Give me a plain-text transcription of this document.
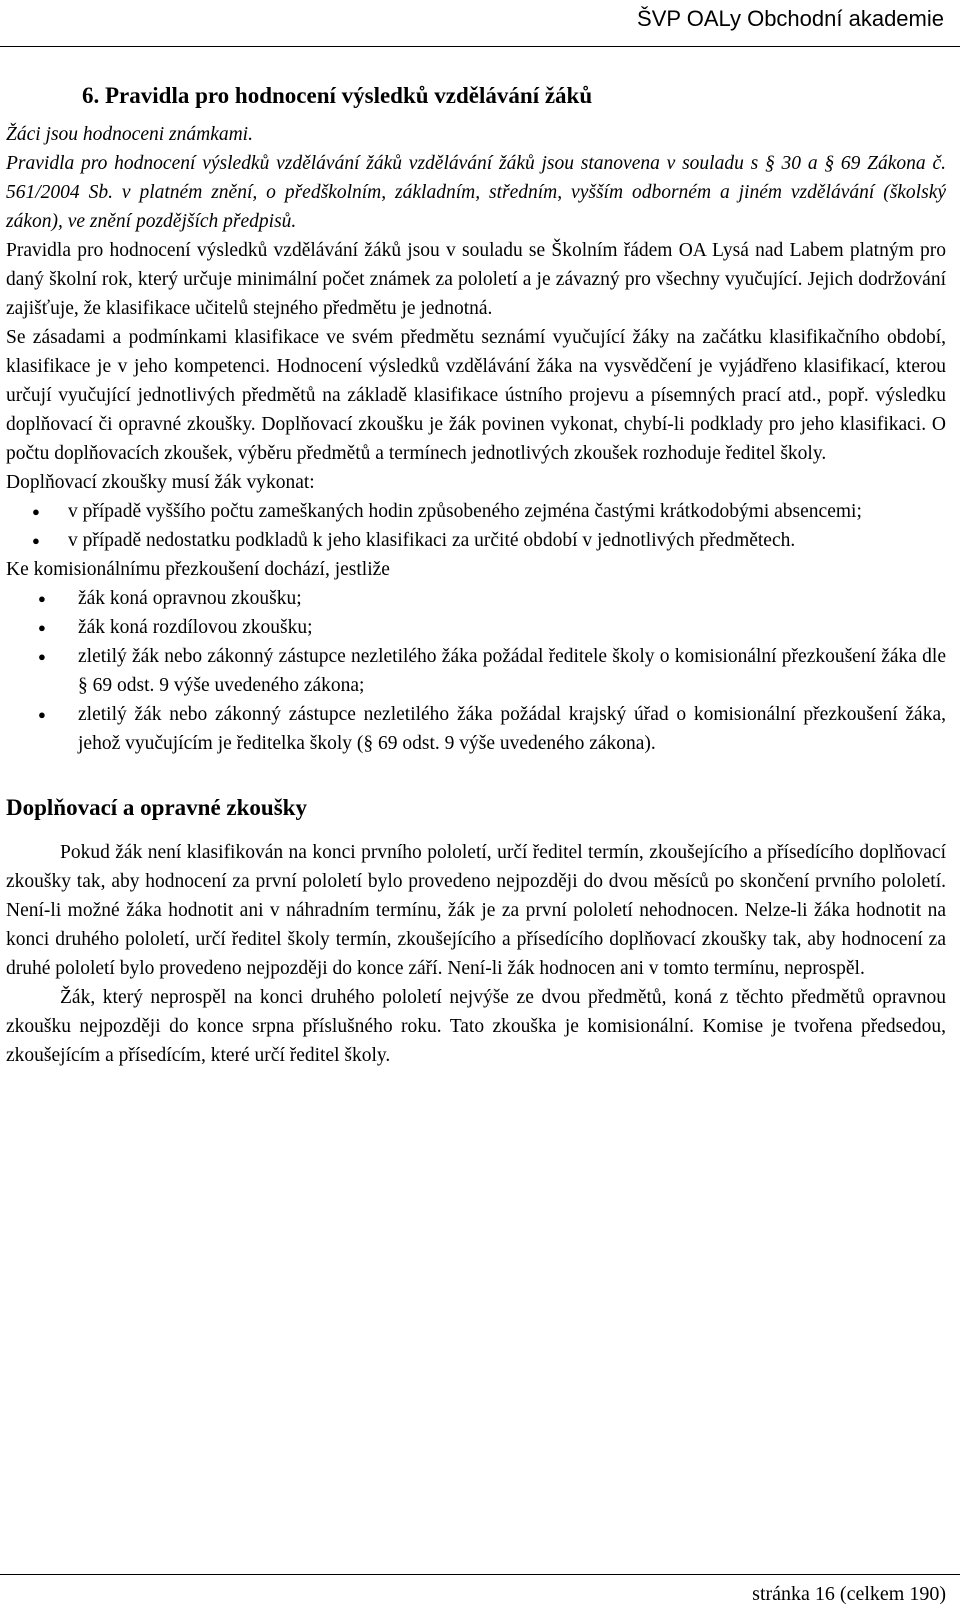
ŠVP OALy Obchodní akademie
6. Pravidla pro hodnocení výsledků vzdělávání žáků

Žáci jsou hodnoceni známkami.

Pravidla pro hodnocení výsledků vzdělávání žáků vzdělávání žáků jsou stanovena v souladu s § 30 a § 69 Zákona č. 561/2004 Sb. v platném znění, o předškolním, základním, středním, vyšším odborném a jiném vzdělávání (školský zákon), ve znění pozdějších předpisů.

Pravidla pro hodnocení výsledků vzdělávání žáků jsou v souladu se Školním řádem OA Lysá nad Labem platným pro daný školní rok, který určuje minimální počet známek za pololetí a je závazný pro všechny vyučující. Jejich dodržování zajišťuje, že klasifikace učitelů stejného předmětu je jednotná.

Se zásadami a podmínkami klasifikace ve svém předmětu seznámí vyučující žáky na začátku klasifikačního období, klasifikace je v jeho kompetenci. Hodnocení výsledků vzdělávání žáka na vysvědčení je vyjádřeno klasifikací, kterou určují vyučující jednotlivých předmětů na základě klasifikace ústního projevu a písemných prací atd., popř. výsledku doplňovací či opravné zkoušky. Doplňovací zkoušku je žák povinen vykonat, chybí-li podklady pro jeho klasifikaci. O počtu doplňovacích zkoušek, výběru předmětů a termínech jednotlivých zkoušek rozhoduje ředitel školy.

Doplňovací zkoušky musí žák vykonat:

● v případě vyššího počtu zameškaných hodin způsobeného zejména častými krátkodobými absencemi;
● v případě nedostatku podkladů k jeho klasifikaci za určité období v jednotlivých předmětech.

Ke komisionálnímu přezkoušení dochází, jestliže

● žák koná opravnou zkoušku;
● žák koná rozdílovou zkoušku;
● zletilý žák nebo zákonný zástupce nezletilého žáka požádal ředitele školy o komisionální přezkoušení žáka dle § 69 odst. 9 výše uvedeného zákona;
● zletilý žák nebo zákonný zástupce nezletilého žáka požádal krajský úřad o komisionální přezkoušení žáka, jehož vyučujícím je ředitelka školy (§ 69 odst. 9 výše uvedeného zákona).
Doplňovací a opravné zkoušky

Pokud žák není klasifikován na konci prvního pololetí, určí ředitel termín, zkoušejícího a přísedícího doplňovací zkoušky tak, aby hodnocení za první pololetí bylo provedeno nejpozději do dvou měsíců po skončení prvního pololetí. Není-li možné žáka hodnotit ani v náhradním termínu, žák je za první pololetí nehodnocen. Nelze-li žáka hodnotit na konci druhého pololetí, určí ředitel školy termín, zkoušejícího a přísedícího doplňovací zkoušky tak, aby hodnocení za druhé pololetí bylo provedeno nejpozději do konce září. Není-li žák hodnocen ani v tomto termínu, neprospěl.

Žák, který neprospěl na konci druhého pololetí nejvýše ze dvou předmětů, koná z těchto předmětů opravnou zkoušku nejpozději do konce srpna příslušného roku. Tato zkouška je komisionální. Komise je tvořena předsedou, zkoušejícím a přísedícím, které určí ředitel školy.

stránka 16 (celkem 190)
